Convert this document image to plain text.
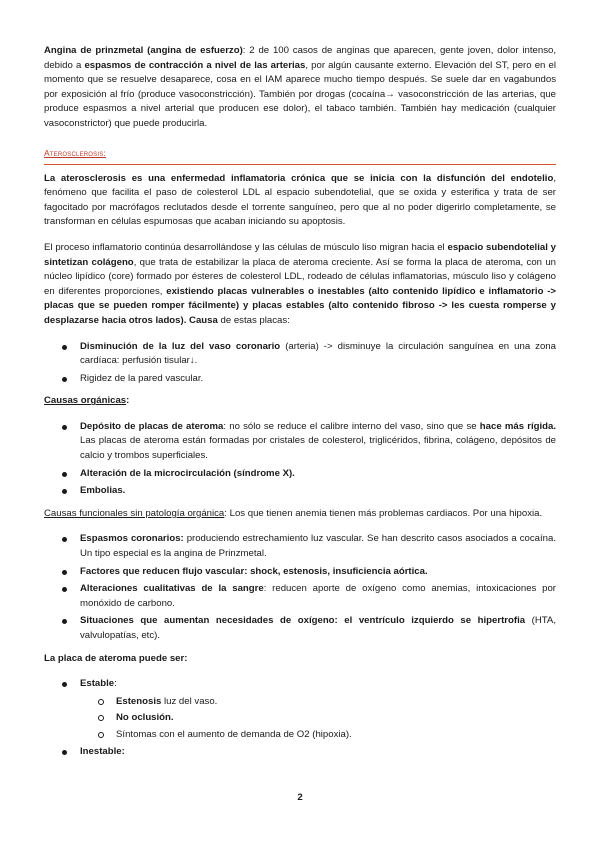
Angina de prinzmetal (angina de esfuerzo): 2 de 100 casos de anginas que aparecen, gente joven, dolor intenso, debido a espasmos de contracción a nivel de las arterias, por algún causante externo. Elevación del ST, pero en el momento que se resuelve desaparece, cosa en el IAM aparece mucho tiempo después. Se suele dar en vagabundos por exposición al frío (produce vasoconstricción). También por drogas (cocaína→ vasoconstricción de las arterias, que produce espasmos a nivel arterial que producen ese dolor), el tabaco también. También hay medicación (cualquier vasoconstrictor) que puede producirla.

Aterosclerosis:

La aterosclerosis es una enfermedad inflamatoria crónica que se inicia con la disfunción del endotelio, fenómeno que facilita el paso de colesterol LDL al espacio subendotelial, que se oxida y esterifica y trata de ser fagocitado por macrófagos reclutados desde el torrente sanguíneo, pero que al no poder digerirlo completamente, se transforman en células espumosas que acaban iniciando su apoptosis.

El proceso inflamatorio continúa desarrollándose y las células de músculo liso migran hacia el espacio subendotelial y sintetizan colágeno, que trata de estabilizar la placa de ateroma creciente. Así se forma la placa de ateroma, con un núcleo lipídico (core) formado por ésteres de colesterol LDL, rodeado de células inflamatorias, músculo liso y colágeno en diferentes proporciones, existiendo placas vulnerables o inestables (alto contenido lipídico e inflamatorio -> placas que se pueden romper fácilmente) y placas estables (alto contenido fibroso -> les cuesta romperse y desplazarse hacia otros lados). Causa de estas placas:

Disminución de la luz del vaso coronario (arteria) -> disminuye la circulación sanguínea en una zona cardíaca: perfusión tisular↓.
Rigidez de la pared vascular.

Causas orgánicas:

Depósito de placas de ateroma: no sólo se reduce el calibre interno del vaso, sino que se hace más rígida. Las placas de ateroma están formadas por cristales de colesterol, triglicéridos, fibrina, colágeno, depósitos de calcio y trombos superficiales.
Alteración de la microcirculación (síndrome X).
Embolias.

Causas funcionales sin patología orgánica: Los que tienen anemia tienen más problemas cardiacos. Por una hipoxia.

Espasmos coronarios: produciendo estrechamiento luz vascular. Se han descrito casos asociados a cocaína. Un tipo especial es la angina de Prinzmetal.
Factores que reducen flujo vascular: shock, estenosis, insuficiencia aórtica.
Alteraciones cualitativas de la sangre: reducen aporte de oxígeno como anemias, intoxicaciones por monóxido de carbono.
Situaciones que aumentan necesidades de oxígeno: el ventrículo izquierdo se hipertrofia (HTA, valvulopatías, etc).

La placa de ateroma puede ser:

Estable:
Estenosis luz del vaso.
No oclusión.
Síntomas con el aumento de demanda de O2 (hipoxia).
Inestable:
2
